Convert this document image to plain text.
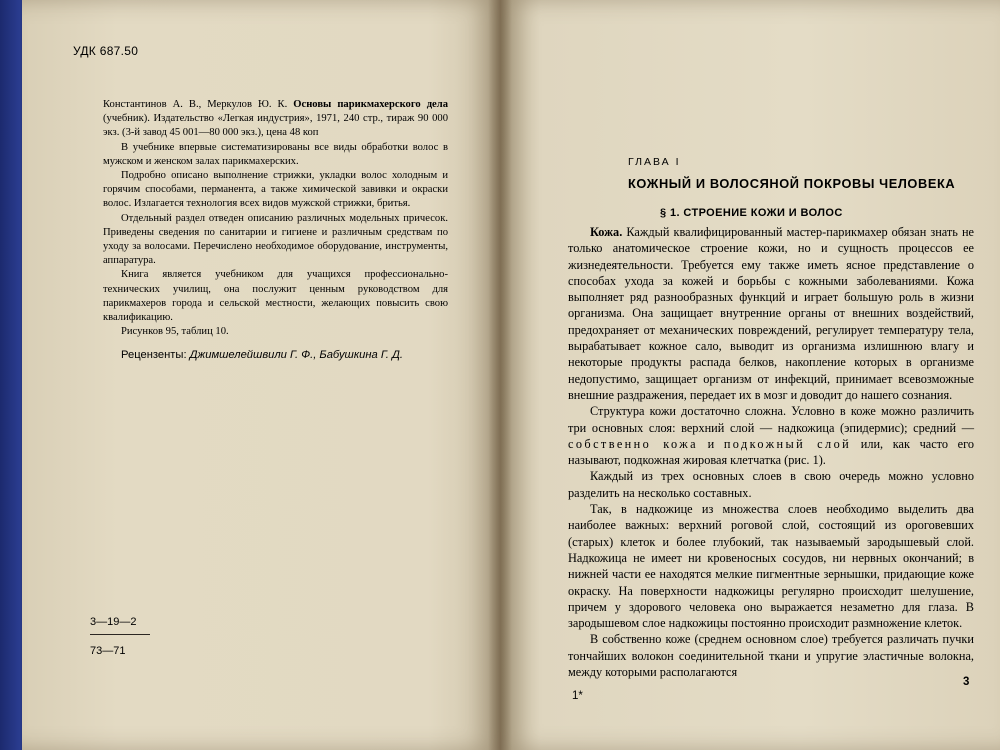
УДК 687.50

Константинов А. В., Меркулов Ю. К. Основы парикмахерского дела (учебник). Издательство «Легкая индустрия», 1971, 240 стр., тираж 90 000 экз. (3-й завод 45 001—80 000 экз.), цена 48 коп

В учебнике впервые систематизированы все виды обработки волос в мужском и женском залах парикмахерских.

Подробно описано выполнение стрижки, укладки волос холодным и горячим способами, перманента, а также химической завивки и окраски волос. Излагается технология всех видов мужской стрижки, бритья.

Отдельный раздел отведен описанию различных модельных причесок. Приведены сведения по санитарии и гигиене и различным средствам по уходу за волосами. Перечислено необходимое оборудование, инструменты, аппаратура.

Книга является учебником для учащихся профессионально-технических училищ, она послужит ценным руководством для парикмахеров города и сельской местности, желающих повысить свою квалификацию.

Рисунков 95, таблиц 10.

Рецензенты: Джимшелейшвили Г. Ф., Бабушкина Г. Д.
3—19—2
73—71
ГЛАВА I
КОЖНЫЙ И ВОЛОСЯНОЙ ПОКРОВЫ ЧЕЛОВЕКА
§ 1. СТРОЕНИЕ КОЖИ И ВОЛОС

Кожа. Каждый квалифицированный мастер-парикмахер обязан знать не только анатомическое строение кожи, но и сущность процессов ее жизнедеятельности. Требуется ему также иметь ясное представление о способах ухода за кожей и борьбы с кожными заболеваниями. Кожа выполняет ряд разнообразных функций и играет большую роль в жизни организма. Она защищает внутренние органы от внешних воздействий, предохраняет от механических повреждений, регулирует температуру тела, вырабатывает кожное сало, выводит из организма излишнюю влагу и некоторые продукты распада белков, накопление которых в организме недопустимо, защищает организм от инфекций, принимает всевозможные внешние раздражения, передает их в мозг и доводит до нашего сознания.

Структура кожи достаточно сложна. Условно в коже можно различить три основных слоя: верхний слой — надкожица (эпидермис); средний — собственно кожа и подкожный слой или, как часто его называют, подкожная жировая клетчатка (рис. 1).

Каждый из трех основных слоев в свою очередь можно условно разделить на несколько составных.

Так, в надкожице из множества слоев необходимо выделить два наиболее важных: верхний роговой слой, состоящий из ороговевших (старых) клеток и более глубокий, так называемый зародышевый слой. Надкожица не имеет ни кровеносных сосудов, ни нервных окончаний; в нижней части ее находятся мелкие пигментные зернышки, придающие коже окраску. На поверхности надкожицы регулярно происходит шелушение, причем у здорового человека оно выражается незаметно для глаза. В зародышевом слое надкожицы постоянно происходит размножение клеток.

В собственно коже (среднем основном слое) требуется различать пучки тончайших волокон соединительной ткани и упругие эластичные волокна, между которыми располагаются

1*
3
